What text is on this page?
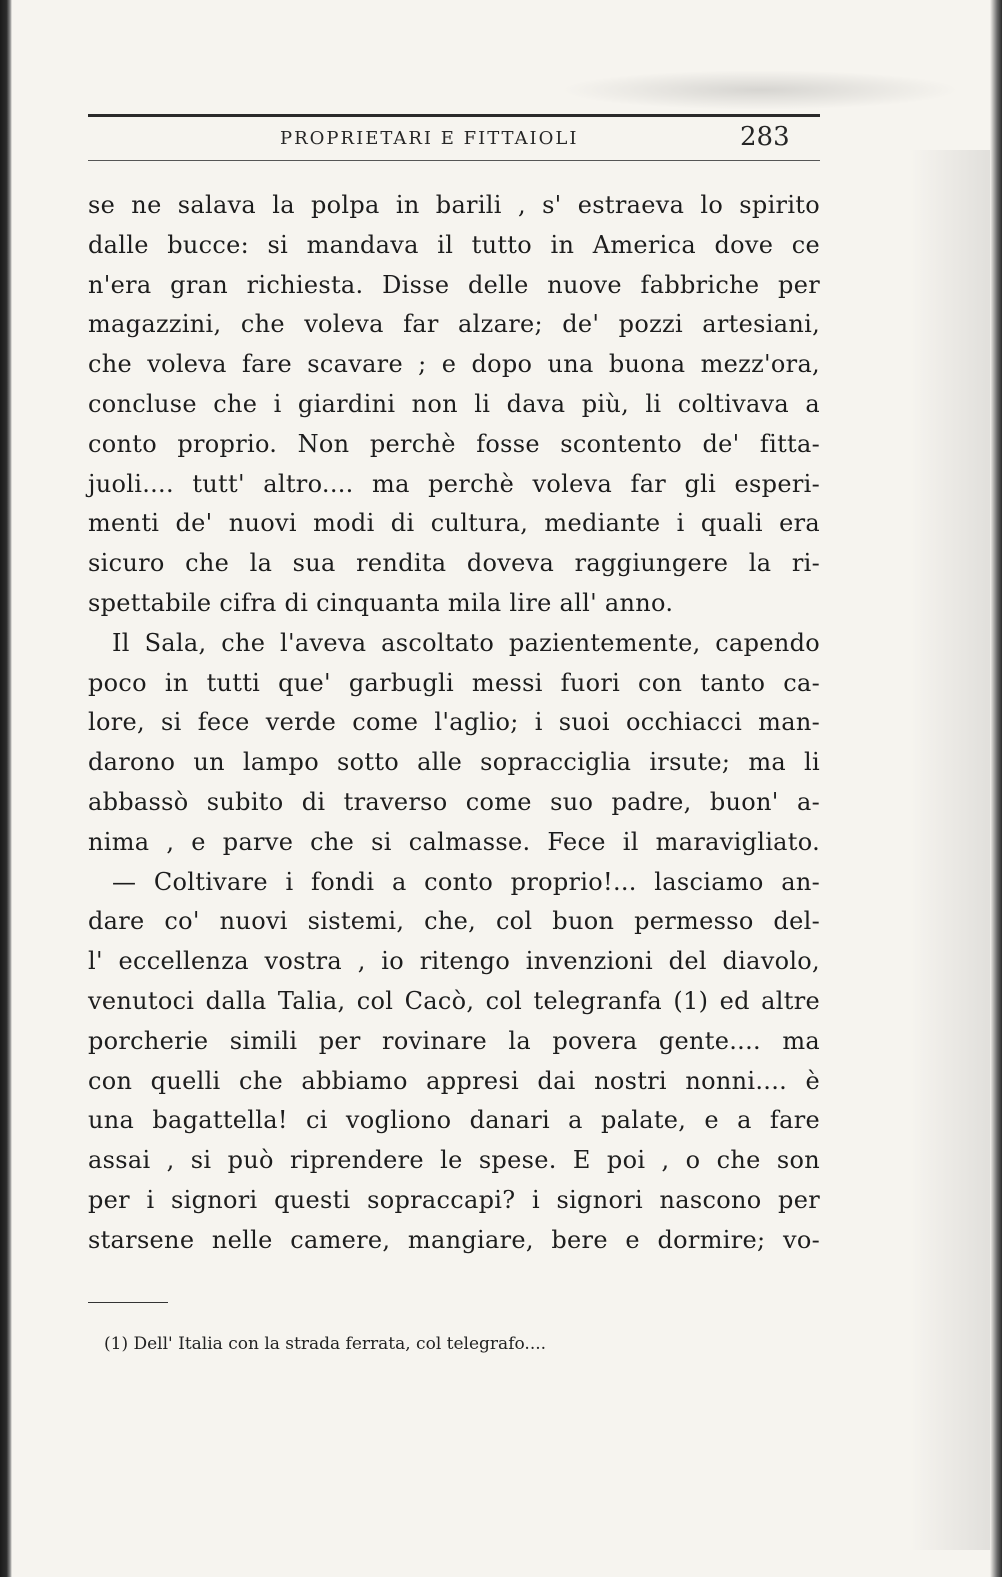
PROPRIETARI E FITTAIOLI	283
se ne salava la polpa in barili , s' estraeva lo spirito
dalle bucce: si mandava il tutto in America dove ce
n'era gran richiesta. Disse delle nuove fabbriche per
magazzini, che voleva far alzare; de' pozzi artesiani,
che voleva fare scavare ; e dopo una buona mezz'ora,
concluse che i giardini non li dava più, li coltivava a
conto proprio. Non perchè fosse scontento de' fitta-
juoli.... tutt' altro.... ma perchè voleva far gli esperi-
menti de' nuovi modi di cultura, mediante i quali era
sicuro che la sua rendita doveva raggiungere la ri-
spettabile cifra di cinquanta mila lire all' anno.
Il Sala, che l'aveva ascoltato pazientemente, capendo
poco in tutti que' garbugli messi fuori con tanto ca-
lore, si fece verde come l'aglio; i suoi occhiacci man-
darono un lampo sotto alle sopracciglia irsute; ma li
abbassò subito di traverso come suo padre, buon' a-
nima , e parve che si calmasse. Fece il maravigliato.
— Coltivare i fondi a conto proprio!... lasciamo an-
dare co' nuovi sistemi, che, col buon permesso del-
l' eccellenza vostra , io ritengo invenzioni del diavolo,
venutoci dalla Talia, col Cacò, col telegranfa (1) ed altre
porcherie simili per rovinare la povera gente.... ma
con quelli che abbiamo appresi dai nostri nonni.... è
una bagattella! ci vogliono danari a palate, e a fare
assai , si può riprendere le spese. E poi , o che son
per i signori questi sopraccapi? i signori nascono per
starsene nelle camere, mangiare, bere e dormire; vo-
(1) Dell' Italia con la strada ferrata, col telegrafo....
